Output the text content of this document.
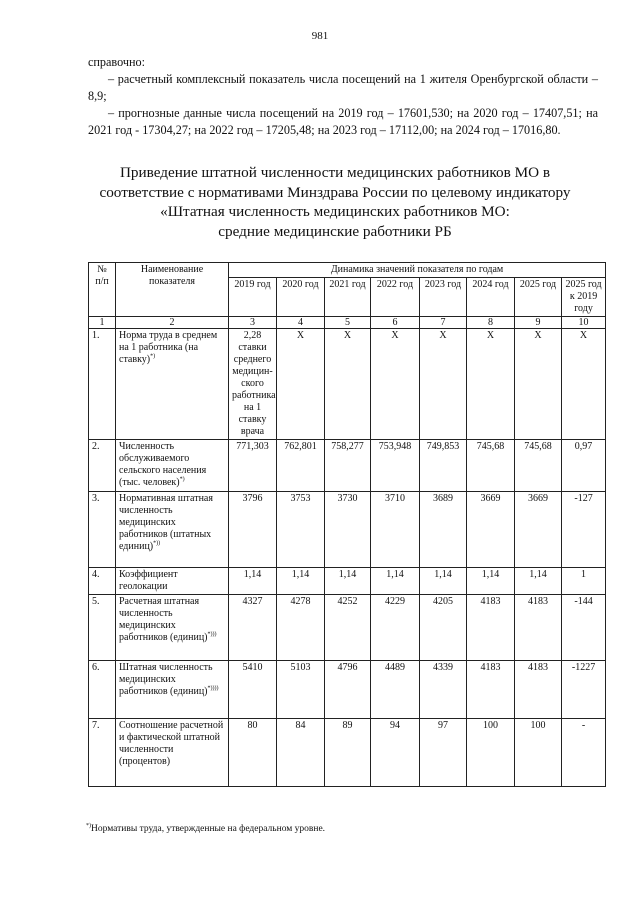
981

справочно:

– расчетный комплексный показатель числа посещений на 1 жителя Оренбургской области – 8,9;

– прогнозные данные числа посещений на 2019 год – 17601,530; на 2020 год – 17407,51; на 2021 год - 17304,27; на 2022 год – 17205,48; на 2023 год – 17112,00; на 2024 год – 17016,80.

Приведение штатной численности медицинских работников МО в
соответствие с нормативами Минздрава России по целевому индикатору
«Штатная численность медицинских работников МО:
средние медицинские работники РБ
№ п/п	Наименование показателя	Динамика значений показателя по годам							
		2019 год	2020 год	2021 год	2022 год	2023 год	2024 год	2025 год	2025 год к 2019 году
1	2	3	4	5	6	7	8	9	10
1.	Норма труда в среднем на 1 работника (на ставку)*)	2,28 ставки среднего медицин-ского работника на 1 ставку врача	X	X	X	X	X	X	X
2.	Численность обслуживаемого сельского населения (тыс. человек)*)	771,303	762,801	758,277	753,948	749,853	745,68	745,68	0,97
3.	Нормативная штатная численность медицинских работников (штатных единиц)*))	3796	3753	3730	3710	3689	3669	3669	-127
4.	Коэффициент геолокации	1,14	1,14	1,14	1,14	1,14	1,14	1,14	1
5.	Расчетная штатная численность медицинских работников (единиц)*)))	4327	4278	4252	4229	4205	4183	4183	-144
6.	Штатная численность медицинских работников (единиц)*))))	5410	5103	4796	4489	4339	4183	4183	-1227
7.	Соотношение расчетной и фактической штатной численности (процентов)	80	84	89	94	97	100	100	-
*)Нормативы труда, утвержденные на федеральном уровне.
